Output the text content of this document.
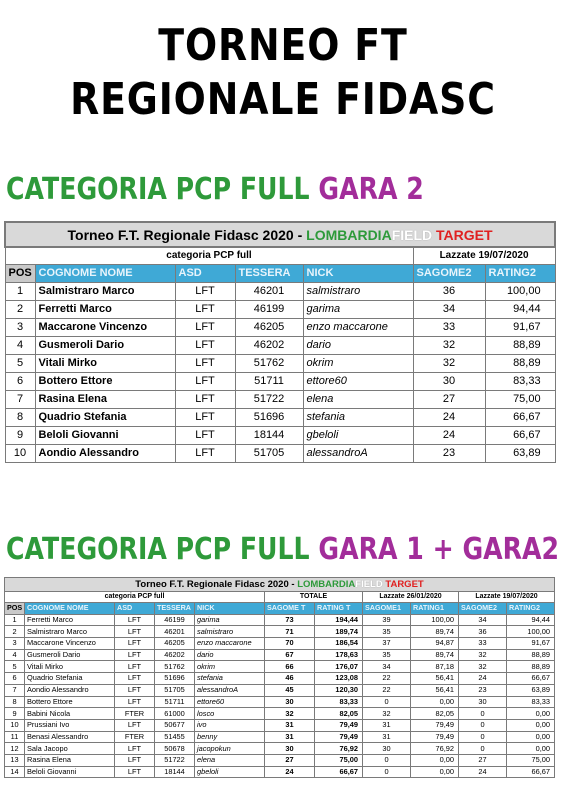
TORNEO FT
REGIONALE FIDASC
CATEGORIA PCP FULL GARA 2
Torneo F.T. Regionale Fidasc 2020 - LOMBARDIAFIELD TARGET						
categoria PCP full					Lazzate 19/07/2020	
POS	COGNOME NOME	ASD	TESSERA	NICK	SAGOME2	RATING2
1	Salmistraro Marco	LFT	46201	salmistraro	36	100,00
2	Ferretti Marco	LFT	46199	garima	34	94,44
3	Maccarone Vincenzo	LFT	46205	enzo maccarone	33	91,67
4	Gusmeroli Dario	LFT	46202	dario	32	88,89
5	Vitali Mirko	LFT	51762	okrim	32	88,89
6	Bottero Ettore	LFT	51711	ettore60	30	83,33
7	Rasina Elena	LFT	51722	elena	27	75,00
8	Quadrio Stefania	LFT	51696	stefania	24	66,67
9	Beloli Giovanni	LFT	18144	gbeloli	24	66,67
10	Aondio Alessandro	LFT	51705	alessandroA	23	63,89
CATEGORIA PCP FULL GARA 1 + GARA2
Torneo F.T. Regionale Fidasc 2020 - LOMBARDIAFIELD TARGET										
categoria PCP full					TOTALE		Lazzate 26/01/2020		Lazzate 19/07/2020	
POS	COGNOME NOME	ASD	TESSERA	NICK	SAGOME T	RATING T	SAGOME1	RATING1	SAGOME2	RATING2
1	Ferretti Marco	LFT	46199	garima	73	194,44	39	100,00	34	94,44
2	Salmistraro Marco	LFT	46201	salmistraro	71	189,74	35	89,74	36	100,00
3	Maccarone Vincenzo	LFT	46205	enzo maccarone	70	186,54	37	94,87	33	91,67
4	Gusmeroli Dario	LFT	46202	dario	67	178,63	35	89,74	32	88,89
5	Vitali Mirko	LFT	51762	okrim	66	176,07	34	87,18	32	88,89
6	Quadrio Stefania	LFT	51696	stefania	46	123,08	22	56,41	24	66,67
7	Aondio Alessandro	LFT	51705	alessandroA	45	120,30	22	56,41	23	63,89
8	Bottero Ettore	LFT	51711	ettore60	30	83,33	0	0,00	30	83,33
9	Babini Nicola	FTER	61000	losco	32	82,05	32	82,05	0	0,00
10	Prussiani Ivo	LFT	50677	ivo	31	79,49	31	79,49	0	0,00
11	Benasi Alessandro	FTER	51455	benny	31	79,49	31	79,49	0	0,00
12	Sala Jacopo	LFT	50678	jacopokun	30	76,92	30	76,92	0	0,00
13	Rasina Elena	LFT	51722	elena	27	75,00	0	0,00	27	75,00
14	Beloli Giovanni	LFT	18144	gbeloli	24	66,67	0	0,00	24	66,67
